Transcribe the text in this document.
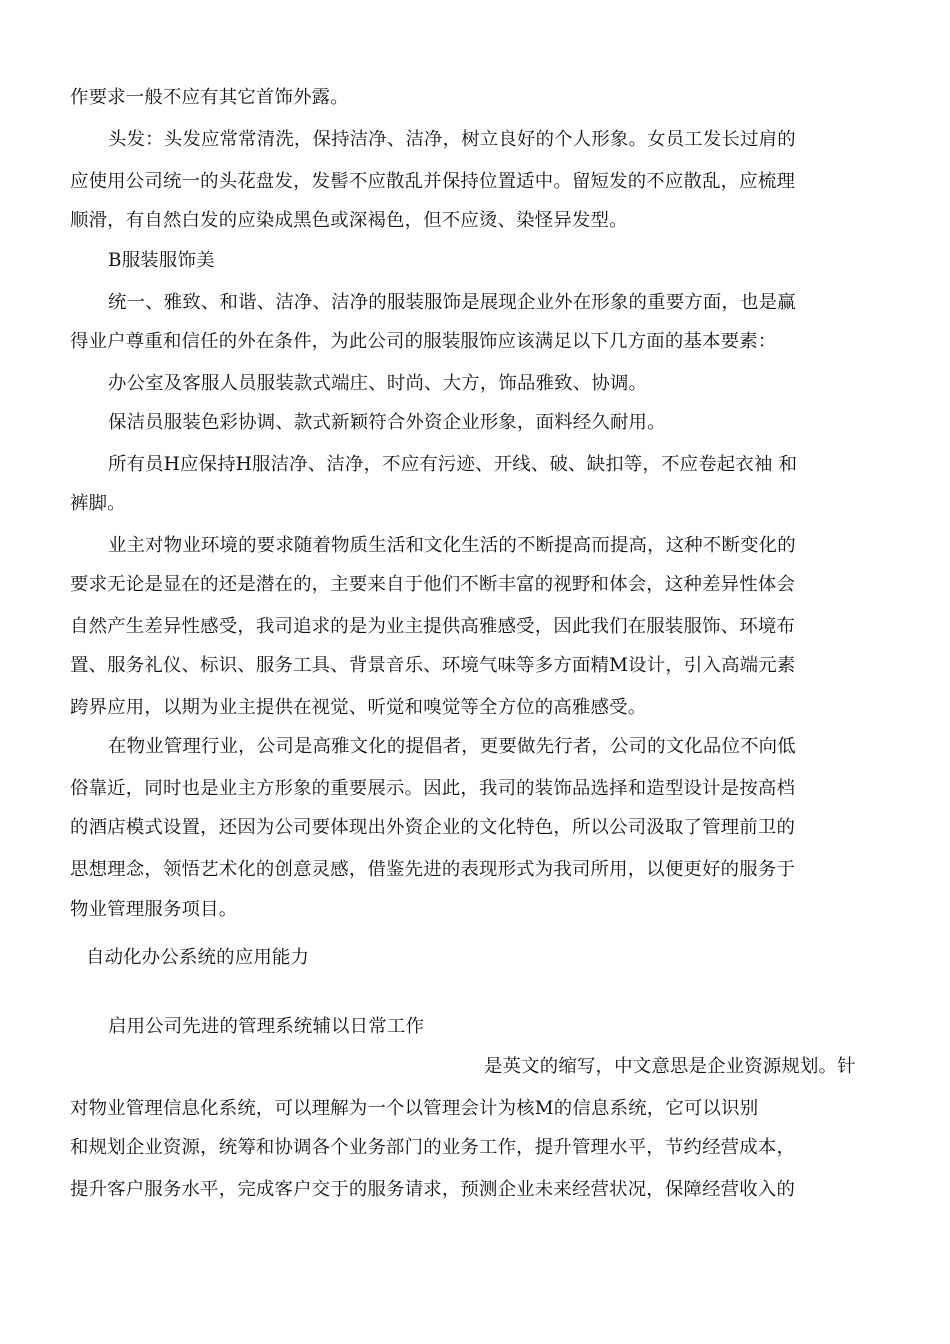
作要求一般不应有其它首饰外露。
头发：头发应常常清洗，保持洁净、洁净，树立良好的个人形象。女员工发长过肩的
应使用公司统一的头花盘发，发髻不应散乱并保持位置适中。留短发的不应散乱，应梳理
顺滑，有自然白发的应染成黑色或深褐色，但不应烫、染怪异发型。
B服装服饰美
统一、雅致、和谐、洁净、洁净的服装服饰是展现企业外在形象的重要方面，也是赢
得业户尊重和信任的外在条件，为此公司的服装服饰应该满足以下几方面的基本要素：
办公室及客服人员服装款式端庄、时尚、大方，饰品雅致、协调。
保洁员服装色彩协调、款式新颖符合外资企业形象，面料经久耐用。
所有员H应保持H服洁净、洁净，不应有污迹、开线、破、缺扣等，不应卷起衣袖 和
裤脚。
业主对物业环境的要求随着物质生活和文化生活的不断提高而提高，这种不断变化的
要求无论是显在的还是潜在的，主要来自于他们不断丰富的视野和体会，这种差异性体会
自然产生差异性感受，我司追求的是为业主提供高雅感受，因此我们在服装服饰、环境布
置、服务礼仪、标识、服务工具、背景音乐、环境气味等多方面精M设计，引入高端元素
跨界应用，以期为业主提供在视觉、听觉和嗅觉等全方位的高雅感受。
在物业管理行业，公司是高雅文化的提倡者，更要做先行者，公司的文化品位不向低
俗靠近，同时也是业主方形象的重要展示。因此，我司的装饰品选择和造型设计是按高档
的酒店模式设置，还因为公司要体现出外资企业的文化特色，所以公司汲取了管理前卫的
思想理念，领悟艺术化的创意灵感，借鉴先进的表现形式为我司所用，以便更好的服务于
物业管理服务项目。
自动化办公系统的应用能力
启用公司先进的管理系统辅以日常工作
是英文的缩写，中文意思是企业资源规划。针
对物业管理信息化系统，可以理解为一个以管理会计为核M的信息系统，它可以识别
和规划企业资源，统筹和协调各个业务部门的业务工作，提升管理水平，节约经营成本，
提升客户服务水平，完成客户交于的服务请求，预测企业未来经营状况，保障经营收入的
